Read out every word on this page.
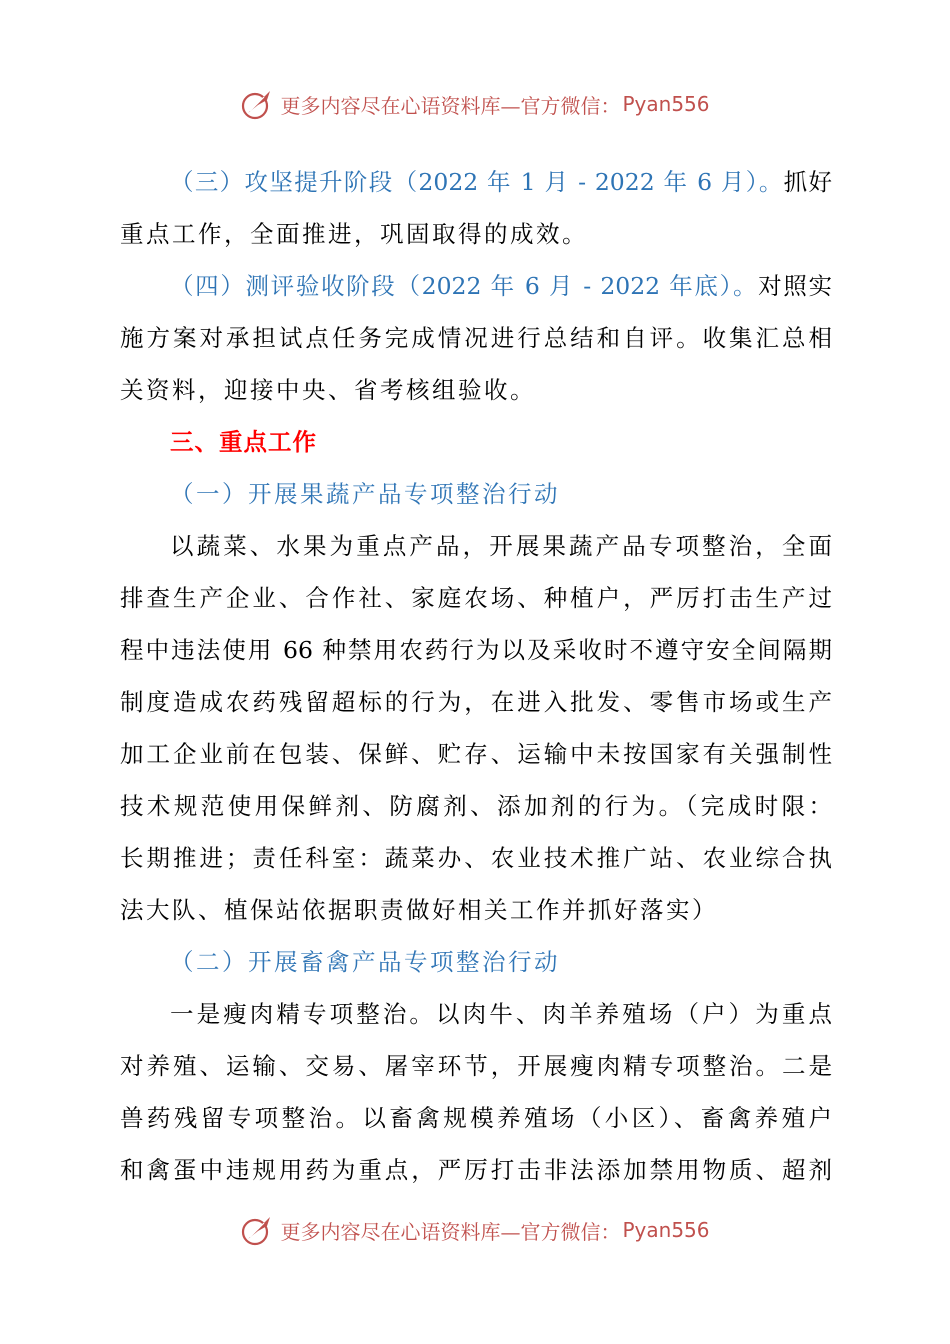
更多内容尽在心语资料库—官方微信： Pyan556
（三）攻坚提升阶段（2022 年 1 月 - 2022 年 6 月）。抓好
重点工作，全面推进，巩固取得的成效。
（四）测评验收阶段（2022 年 6 月 - 2022 年底）。对照实
施方案对承担试点任务完成情况进行总结和自评。收集汇总相
关资料，迎接中央、省考核组验收。
三、重点工作
（一）开展果蔬产品专项整治行动
以蔬菜、水果为重点产品，开展果蔬产品专项整治，全面
排查生产企业、合作社、家庭农场、种植户，严厉打击生产过
程中违法使用 66 种禁用农药行为以及采收时不遵守安全间隔期
制度造成农药残留超标的行为，在进入批发、零售市场或生产
加工企业前在包装、保鲜、贮存、运输中未按国家有关强制性
技术规范使用保鲜剂、防腐剂、添加剂的行为。（完成时限：
长期推进；责任科室：蔬菜办、农业技术推广站、农业综合执
法大队、植保站依据职责做好相关工作并抓好落实）
（二）开展畜禽产品专项整治行动
一是瘦肉精专项整治。以肉牛、肉羊养殖场（户）为重点
对养殖、运输、交易、屠宰环节，开展瘦肉精专项整治。二是
兽药残留专项整治。以畜禽规模养殖场（小区）、畜禽养殖户
和禽蛋中违规用药为重点，严厉打击非法添加禁用物质、超剂
更多内容尽在心语资料库—官方微信： Pyan556
